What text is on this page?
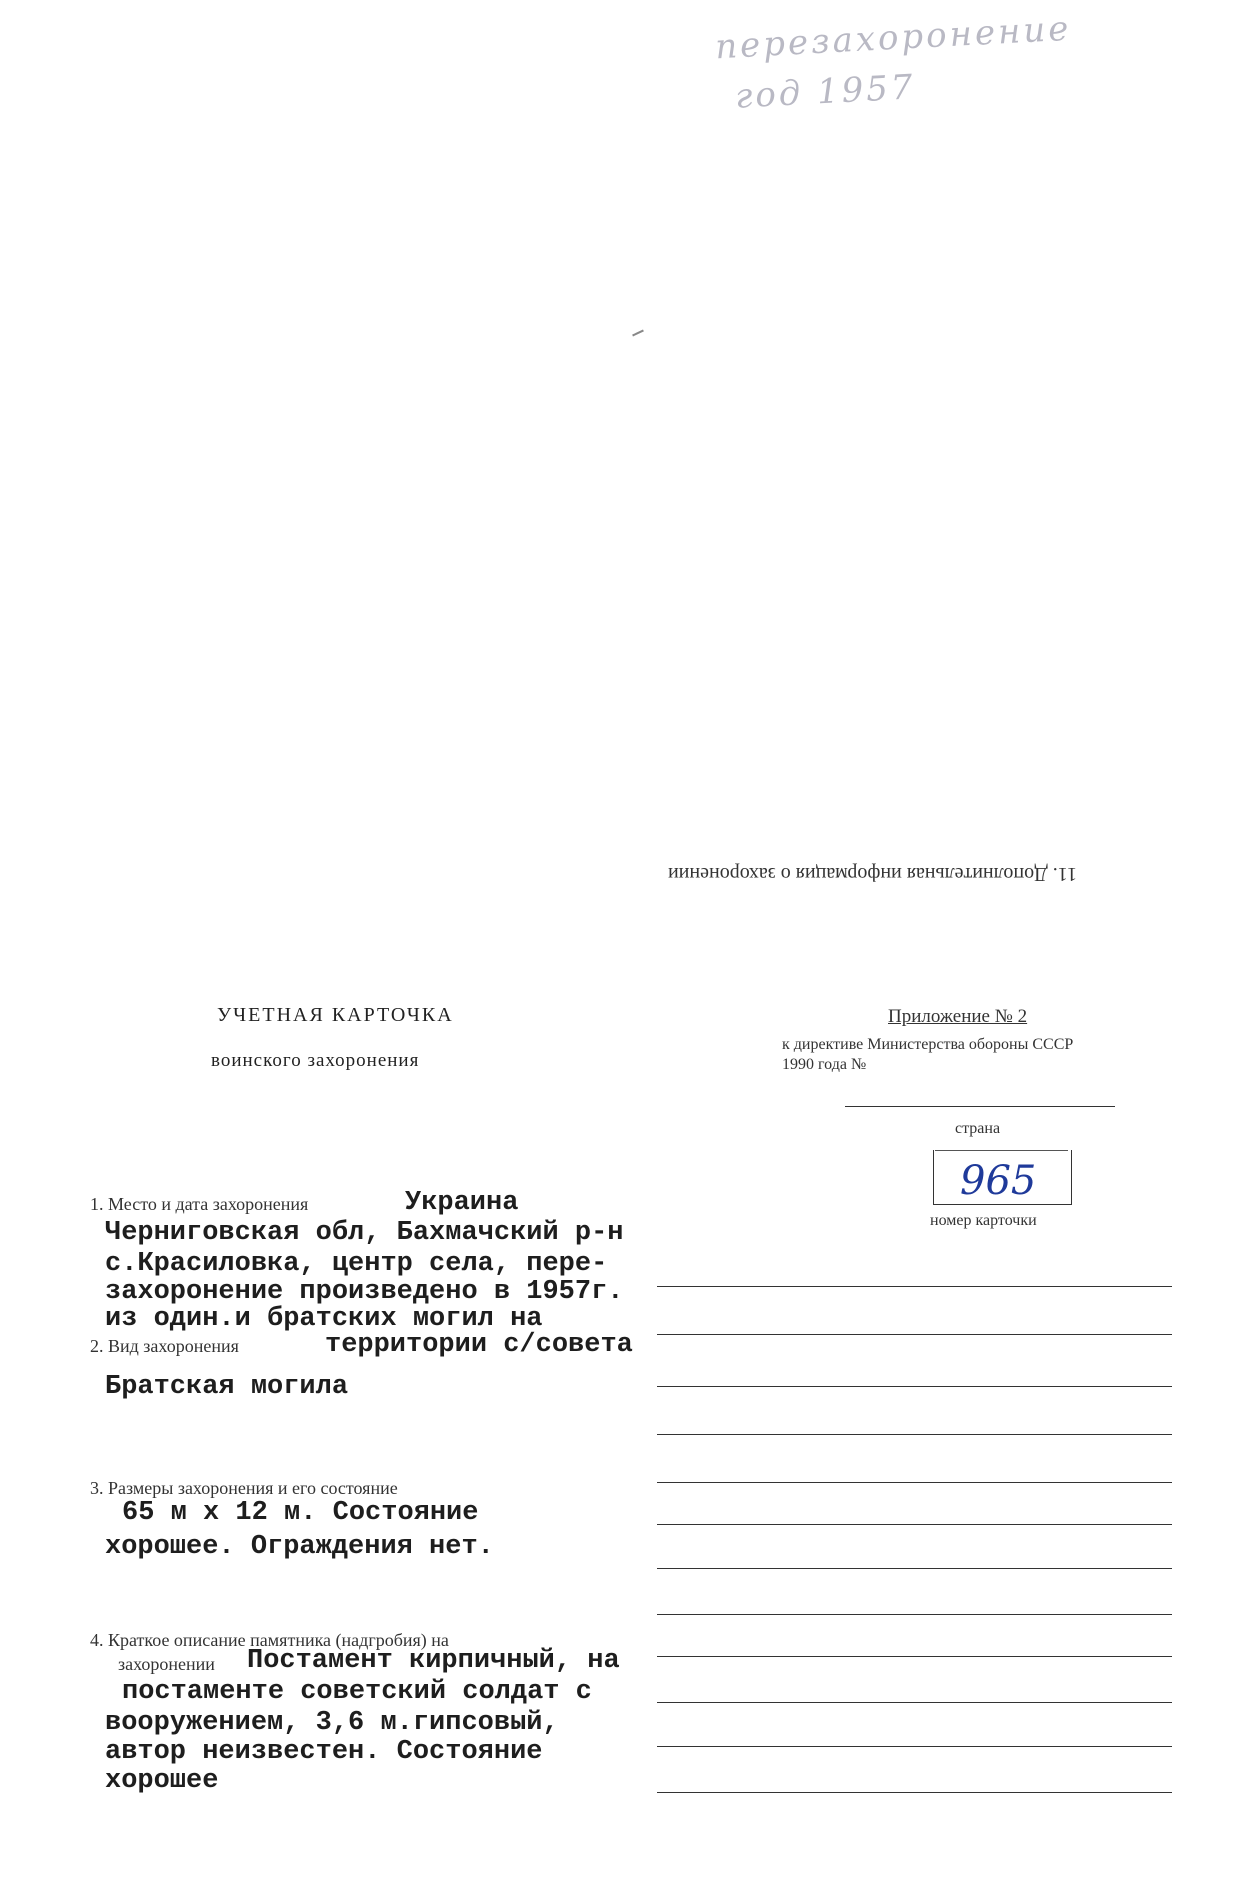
перезахоронение
год 1957
11. Дополнительная информация о захоронении
УЧЕТНАЯ КАРТОЧКА
воинского захоронения
Приложение № 2
к директиве Министерства обороны СССР
1990 года №
страна
965
номер карточки
1. Место и дата захоронения	Украина
Черниговская обл, Бахмачский р-н
с.Красиловка, центр села, пере-
захоронение произведено в 1957г.
из один.и братских могил на
2. Вид захоронения	территории с/совета
Братская могила
3. Размеры захоронения и его состояние
65 м х 12 м. Состояние
хорошее. Ограждения нет.
4. Краткое описание памятника (надгробия) на
захоронении Постамент кирпичный, на
постаменте советский солдат с
вооружением, 3,6 м.гипсовый,
автор неизвестен. Состояние
хорошее
